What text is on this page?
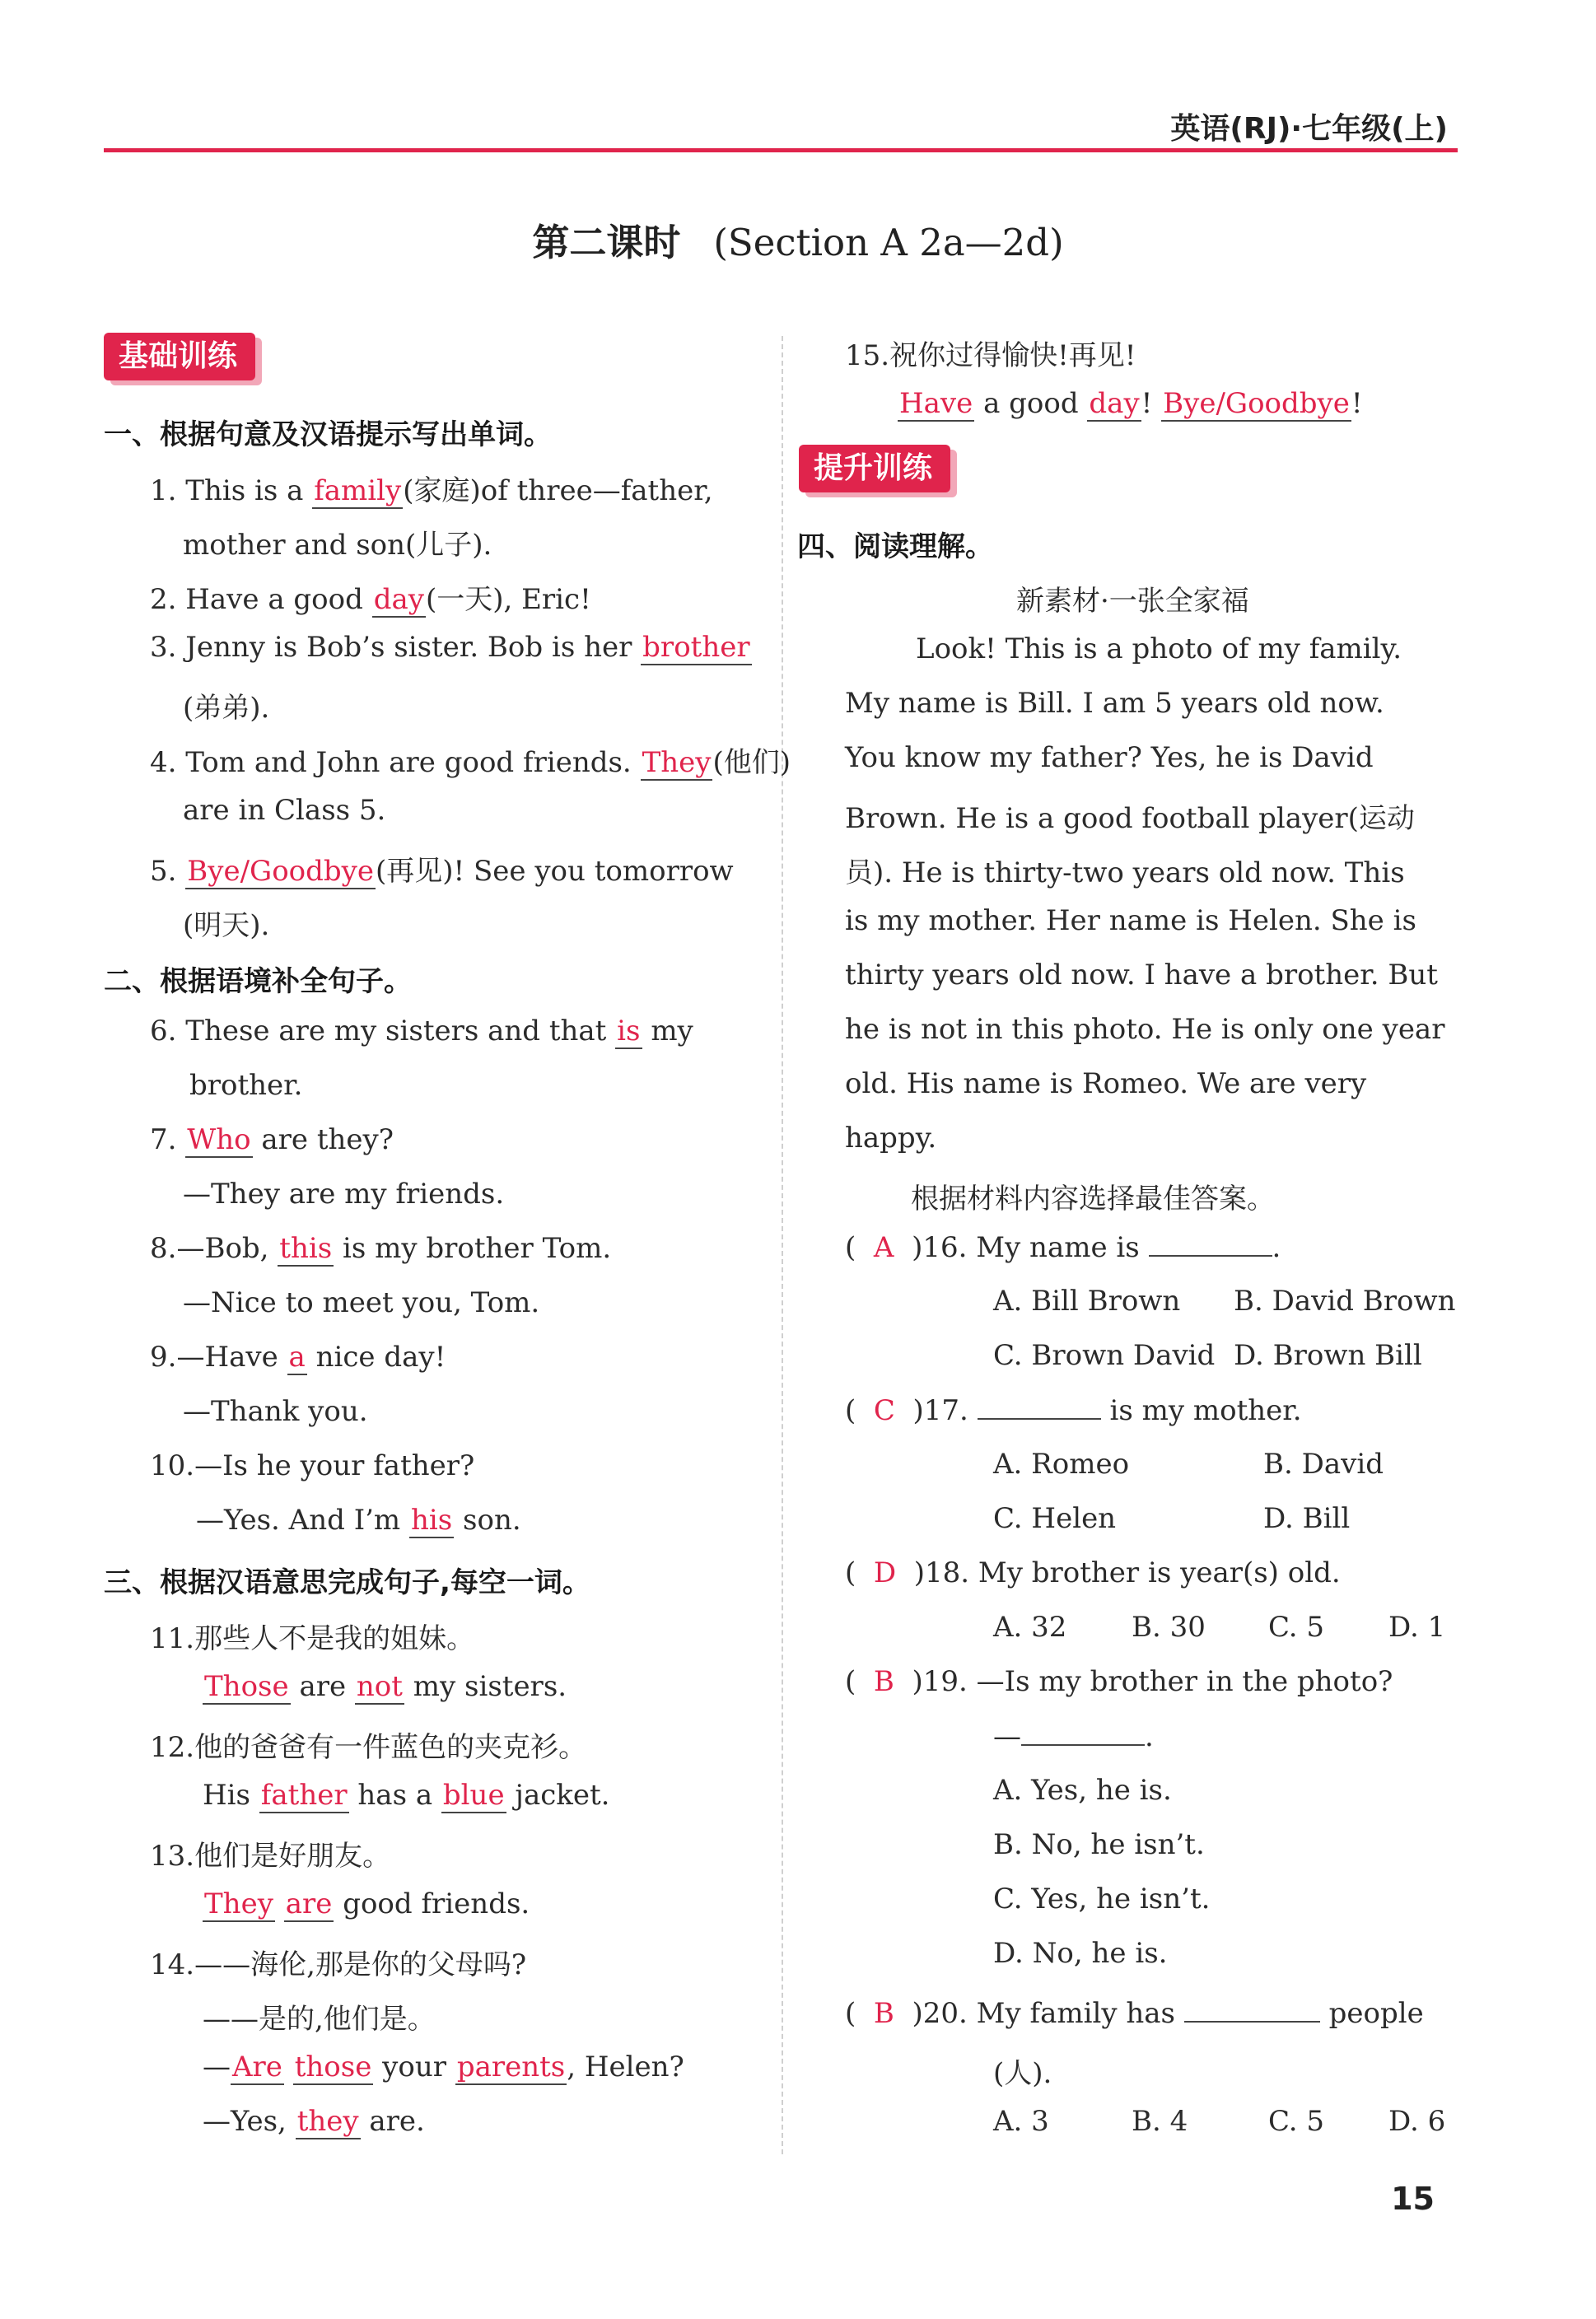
英语(RJ)·七年级(上)
第二课时 (Section A 2a—2d)
基础训练
一、根据句意及汉语提示写出单词。
1. This is a family(家庭)of three—father,
mother and son(儿子).
2. Have a good day(一天), Eric!
3. Jenny is Bob’s sister. Bob is her brother
(弟弟).
4. Tom and John are good friends. They(他们)
are in Class 5.
5. Bye/Goodbye(再见)! See you tomorrow
(明天).
二、根据语境补全句子。
6. These are my sisters and that is my
brother.
7. Who are they?
—They are my friends.
8.—Bob, this is my brother Tom.
—Nice to meet you, Tom.
9.—Have a nice day!
—Thank you.
10.—Is he your father?
—Yes. And I’m his son.
三、根据汉语意思完成句子,每空一词。
11.那些人不是我的姐妹。
Those are not my sisters.
12.他的爸爸有一件蓝色的夹克衫。
His father has a blue jacket.
13.他们是好朋友。
They are good friends.
14.——海伦,那是你的父母吗?
——是的,他们是。
—Are those your parents, Helen?
—Yes, they are.
15.祝你过得愉快!再见!
Have a good day! Bye/Goodbye!
提升训练
四、阅读理解。
新素材·一张全家福
Look! This is a photo of my family.
My name is Bill. I am 5 years old now.
You know my father? Yes, he is David
Brown. He is a good football player(运动
员). He is thirty-two years old now. This
is my mother. Her name is Helen. She is
thirty years old now. I have a brother. But
he is not in this photo. He is only one year
old. His name is Romeo. We are very
happy.
根据材料内容选择最佳答案。
( A )16. My name is	.
A. Bill Brown B. David Brown
C. Brown David D. Brown Bill
( C )17.	is my mother.
A. Romeo	B. David
C. Helen	D. Bill
( D )18. My brother is year(s) old.
A. 32 B. 30 C. 5 D. 1
( B )19. —Is my brother in the photo?
—	.
A. Yes, he is.
B. No, he isn’t.
C. Yes, he isn’t.
D. No, he is.
( B )20. My family has	people
(人).
A. 3	B. 4	C. 5 D. 6
15
